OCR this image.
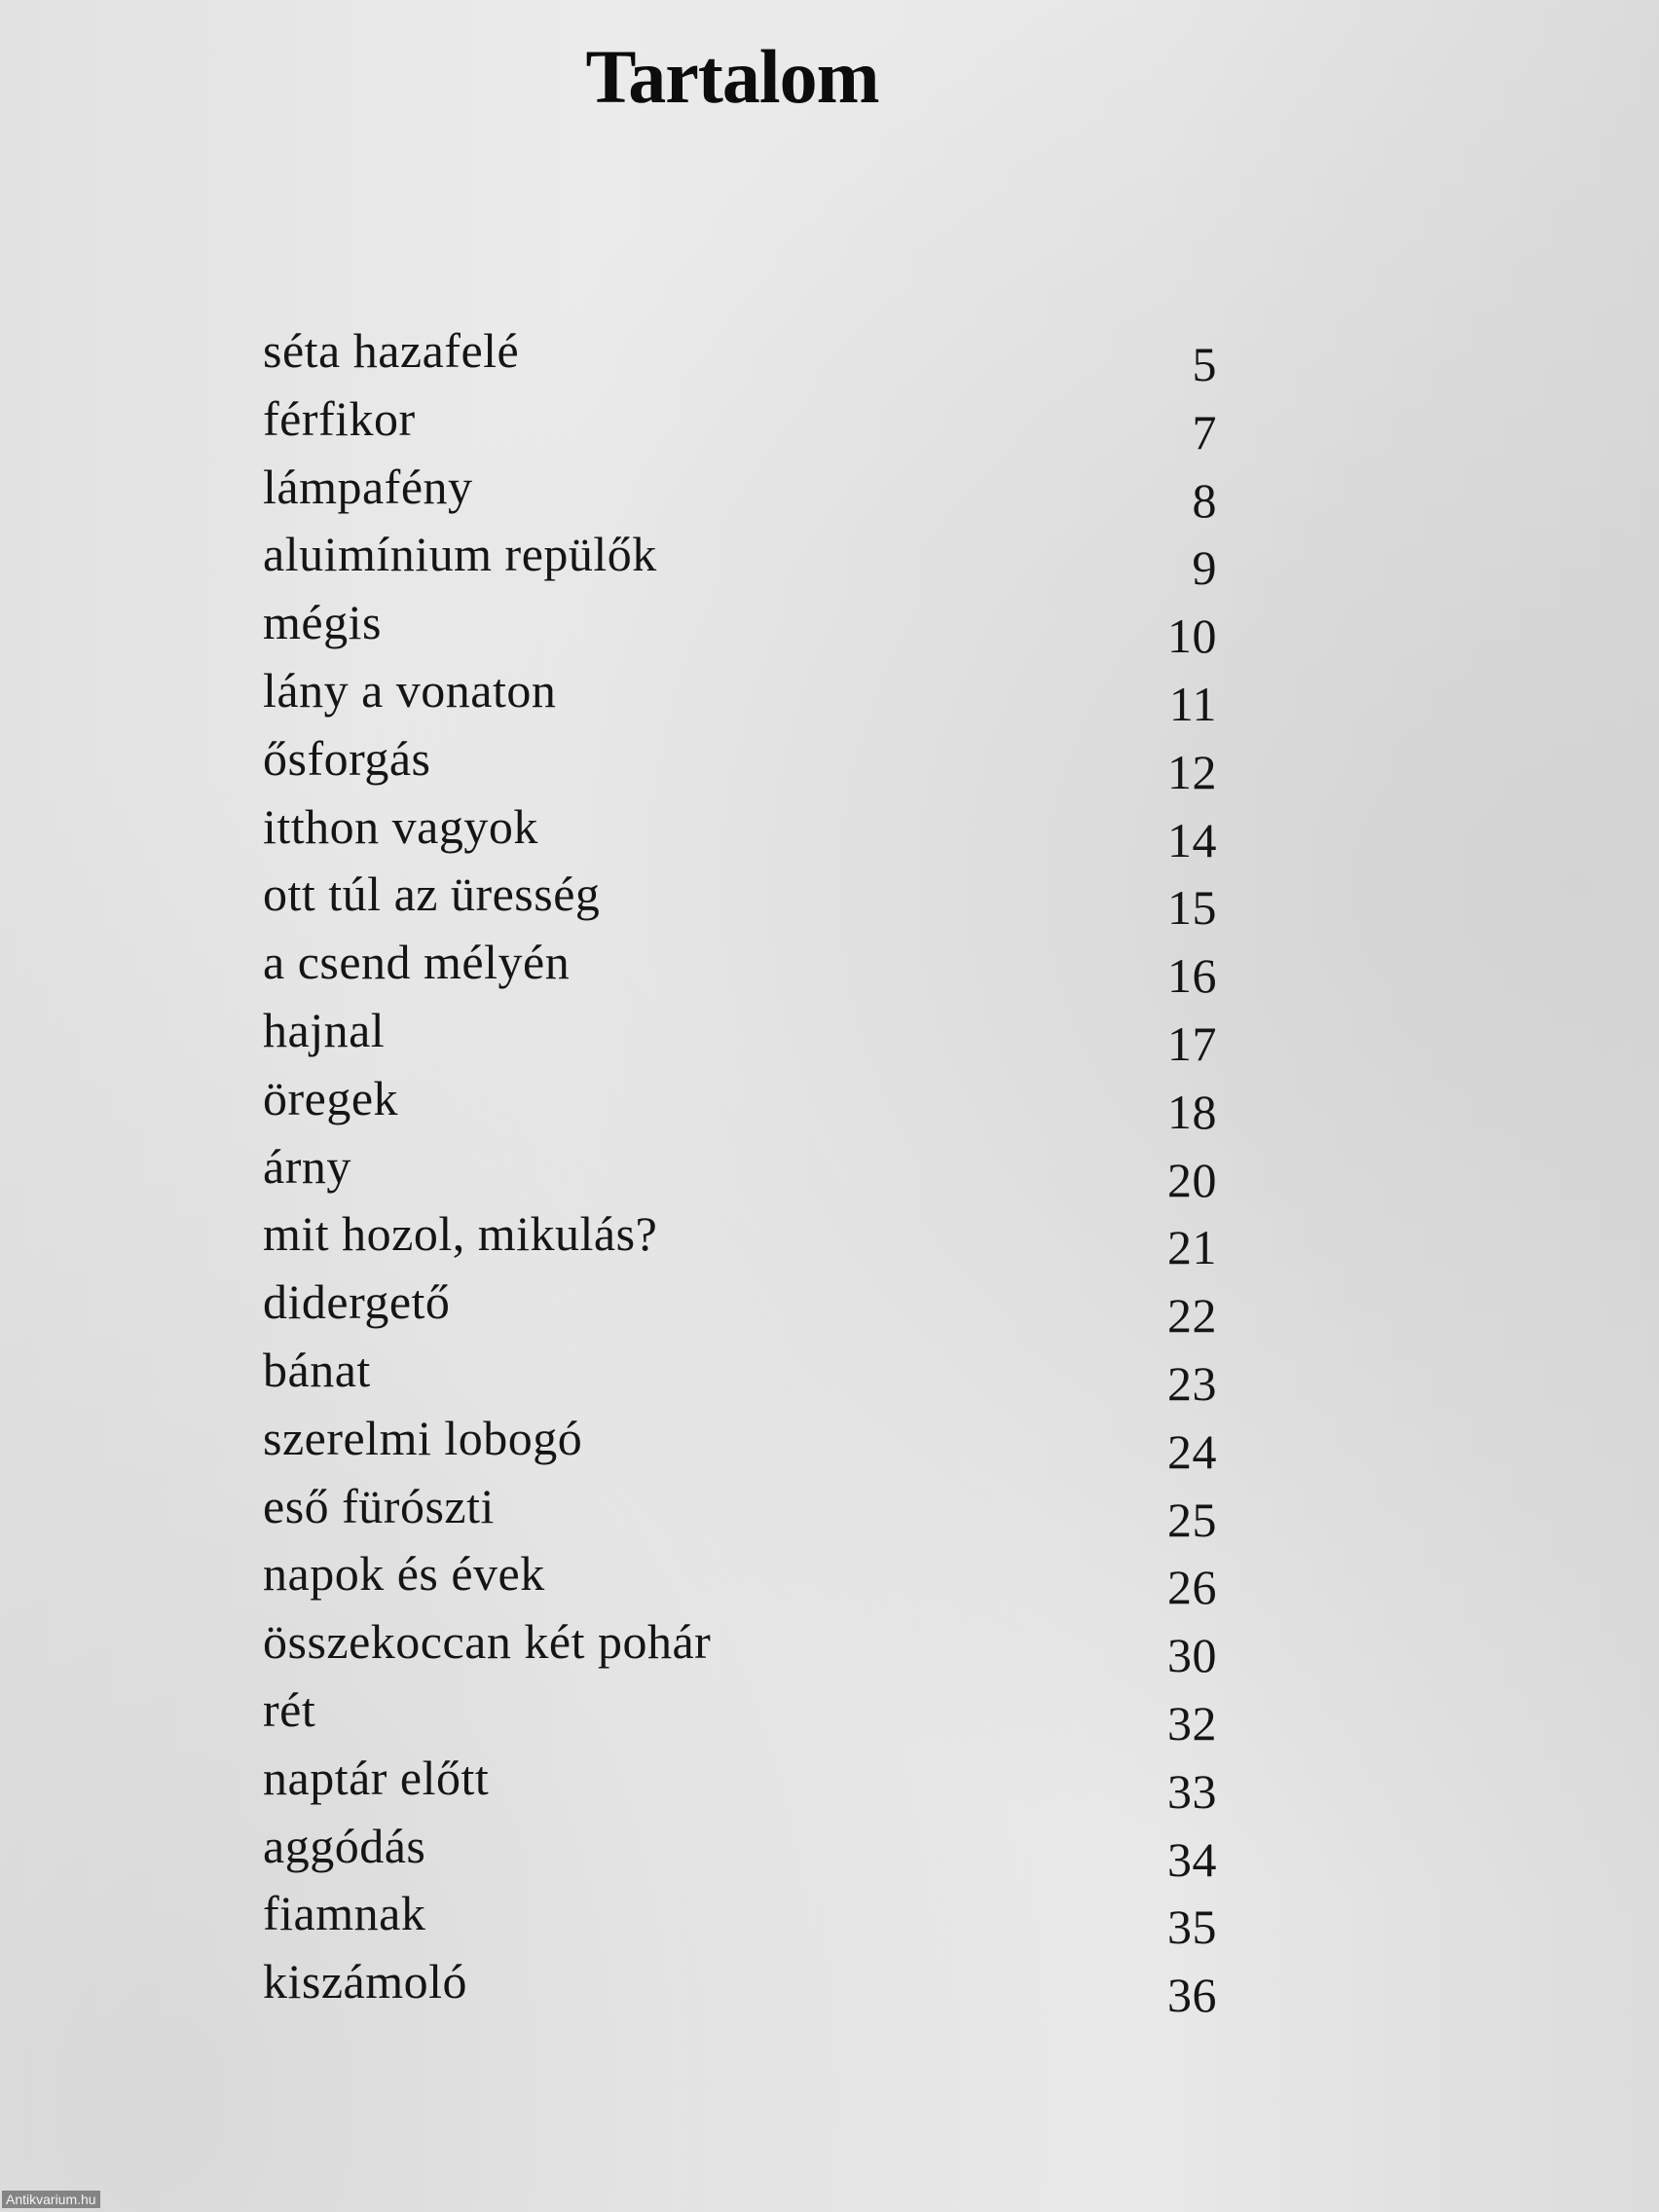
Tartalom
séta hazafelé	5
férfikor	7
lámpafény	8
aluimínium repülők	9
mégis	10
lány a vonaton	11
ősforgás	12
itthon vagyok	14
ott túl az üresség	15
a csend mélyén	16
hajnal	17
öregek	18
árny	20
mit hozol, mikulás?	21
didergető	22
bánat	23
szerelmi lobogó	24
eső fürószti	25
napok és évek	26
összekoccan két pohár	30
rét	32
naptár előtt	33
aggódás	34
fiamnak	35
kiszámoló	36
Antikvarium.hu
